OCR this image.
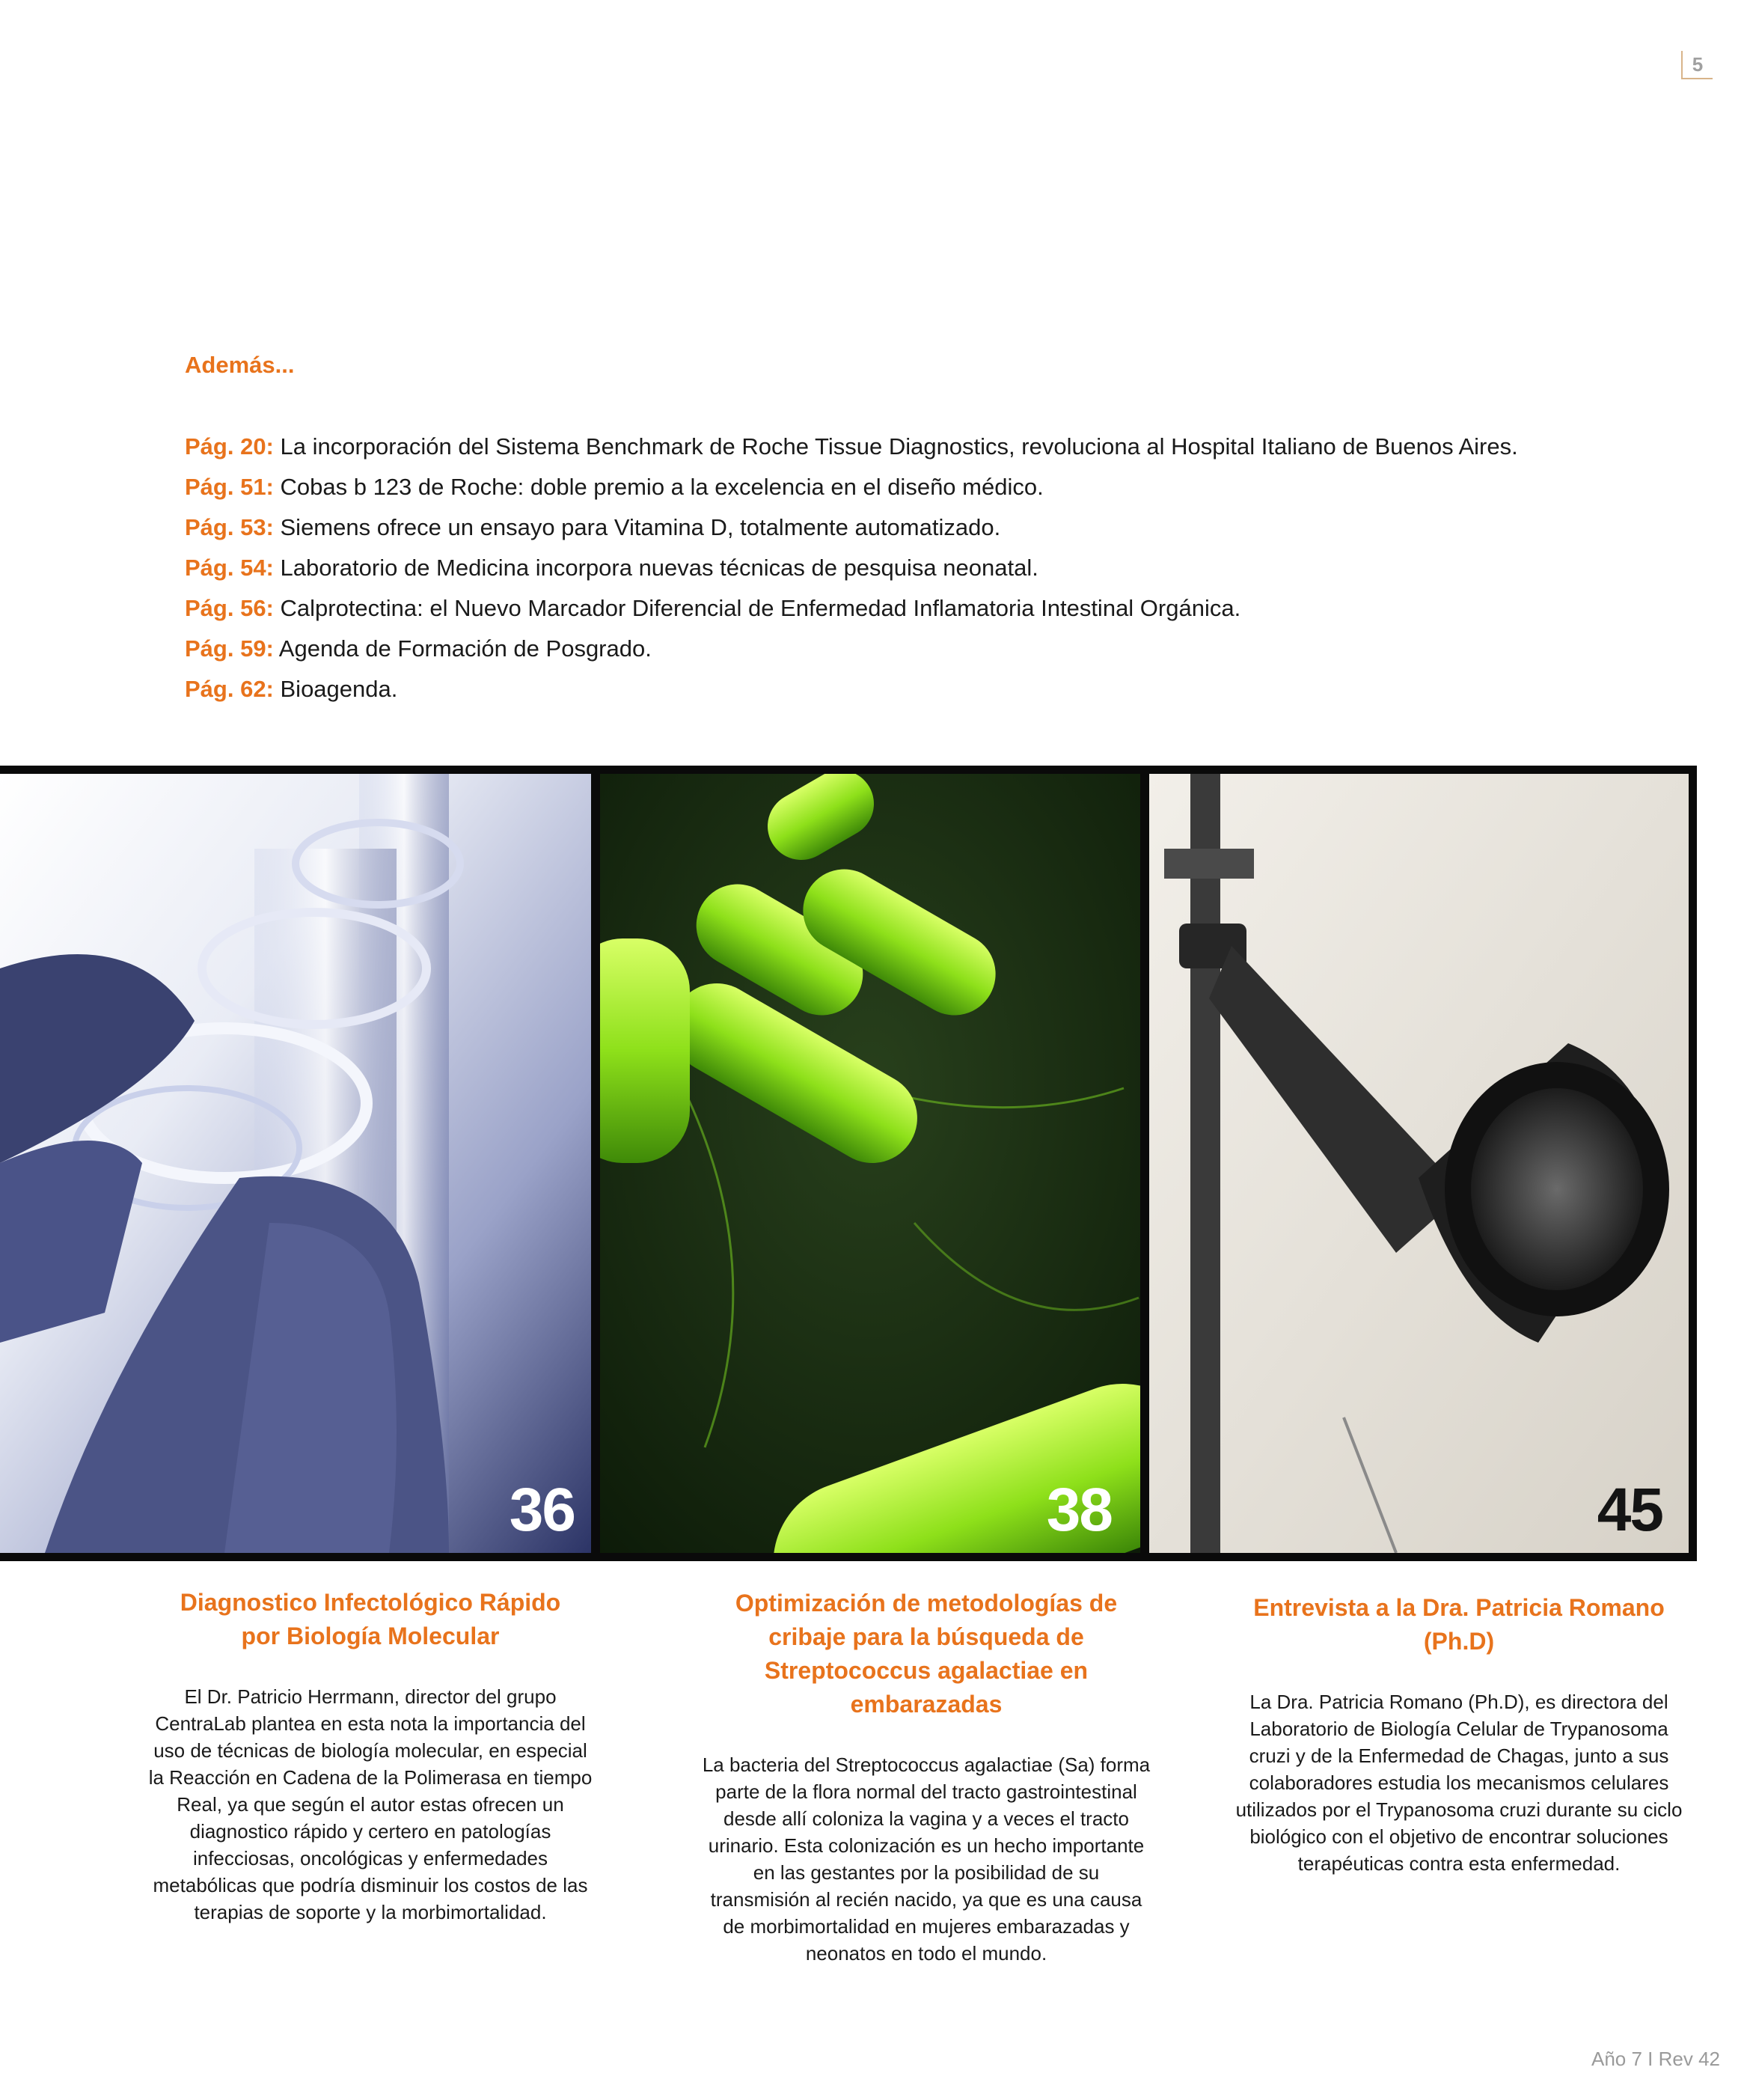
5
Además...
Pág. 20: La incorporación del Sistema Benchmark de Roche Tissue Diagnostics, revoluciona al Hospital Italiano de Buenos Aires.
Pág. 51: Cobas b 123 de Roche: doble premio a la excelencia en el diseño médico.
Pág. 53: Siemens ofrece un ensayo para Vitamina D, totalmente automatizado.
Pág. 54: Laboratorio de Medicina incorpora nuevas técnicas de pesquisa neonatal.
Pág. 56: Calprotectina: el Nuevo Marcador Diferencial de Enfermedad Inflamatoria Intestinal Orgánica.
Pág. 59: Agenda de Formación de Posgrado.
Pág. 62: Bioagenda.
36	38	45
Diagnostico Infectológico Rápido
por Biología Molecular
El Dr. Patricio Herrmann, director del grupo
CentraLab plantea en esta nota la importancia del
uso de técnicas de biología molecular, en especial
la Reacción en Cadena de la Polimerasa en tiempo
Real, ya que según el autor estas ofrecen un
diagnostico rápido y certero en patologías
infecciosas, oncológicas y enfermedades
metabólicas que podría disminuir los costos de las
terapias de soporte y la morbimortalidad.
Optimización de metodologías de
cribaje para la búsqueda de
Streptococcus agalactiae en
embarazadas
La bacteria del Streptococcus agalactiae (Sa) forma
parte de la flora normal del tracto gastrointestinal
desde allí coloniza la vagina y a veces el tracto
urinario. Esta colonización es un hecho importante
en las gestantes por la posibilidad de su
transmisión al recién nacido, ya que es una causa
de morbimortalidad en mujeres embarazadas y
neonatos en todo el mundo.
Entrevista a la Dra. Patricia Romano
(Ph.D)
La Dra. Patricia Romano (Ph.D), es directora del
Laboratorio de Biología Celular de Trypanosoma
cruzi y de la Enfermedad de Chagas, junto a sus
colaboradores estudia los mecanismos celulares
utilizados por el Trypanosoma cruzi durante su ciclo
biológico con el objetivo de encontrar soluciones
terapéuticas contra esta enfermedad.
Año 7 I Rev 42
